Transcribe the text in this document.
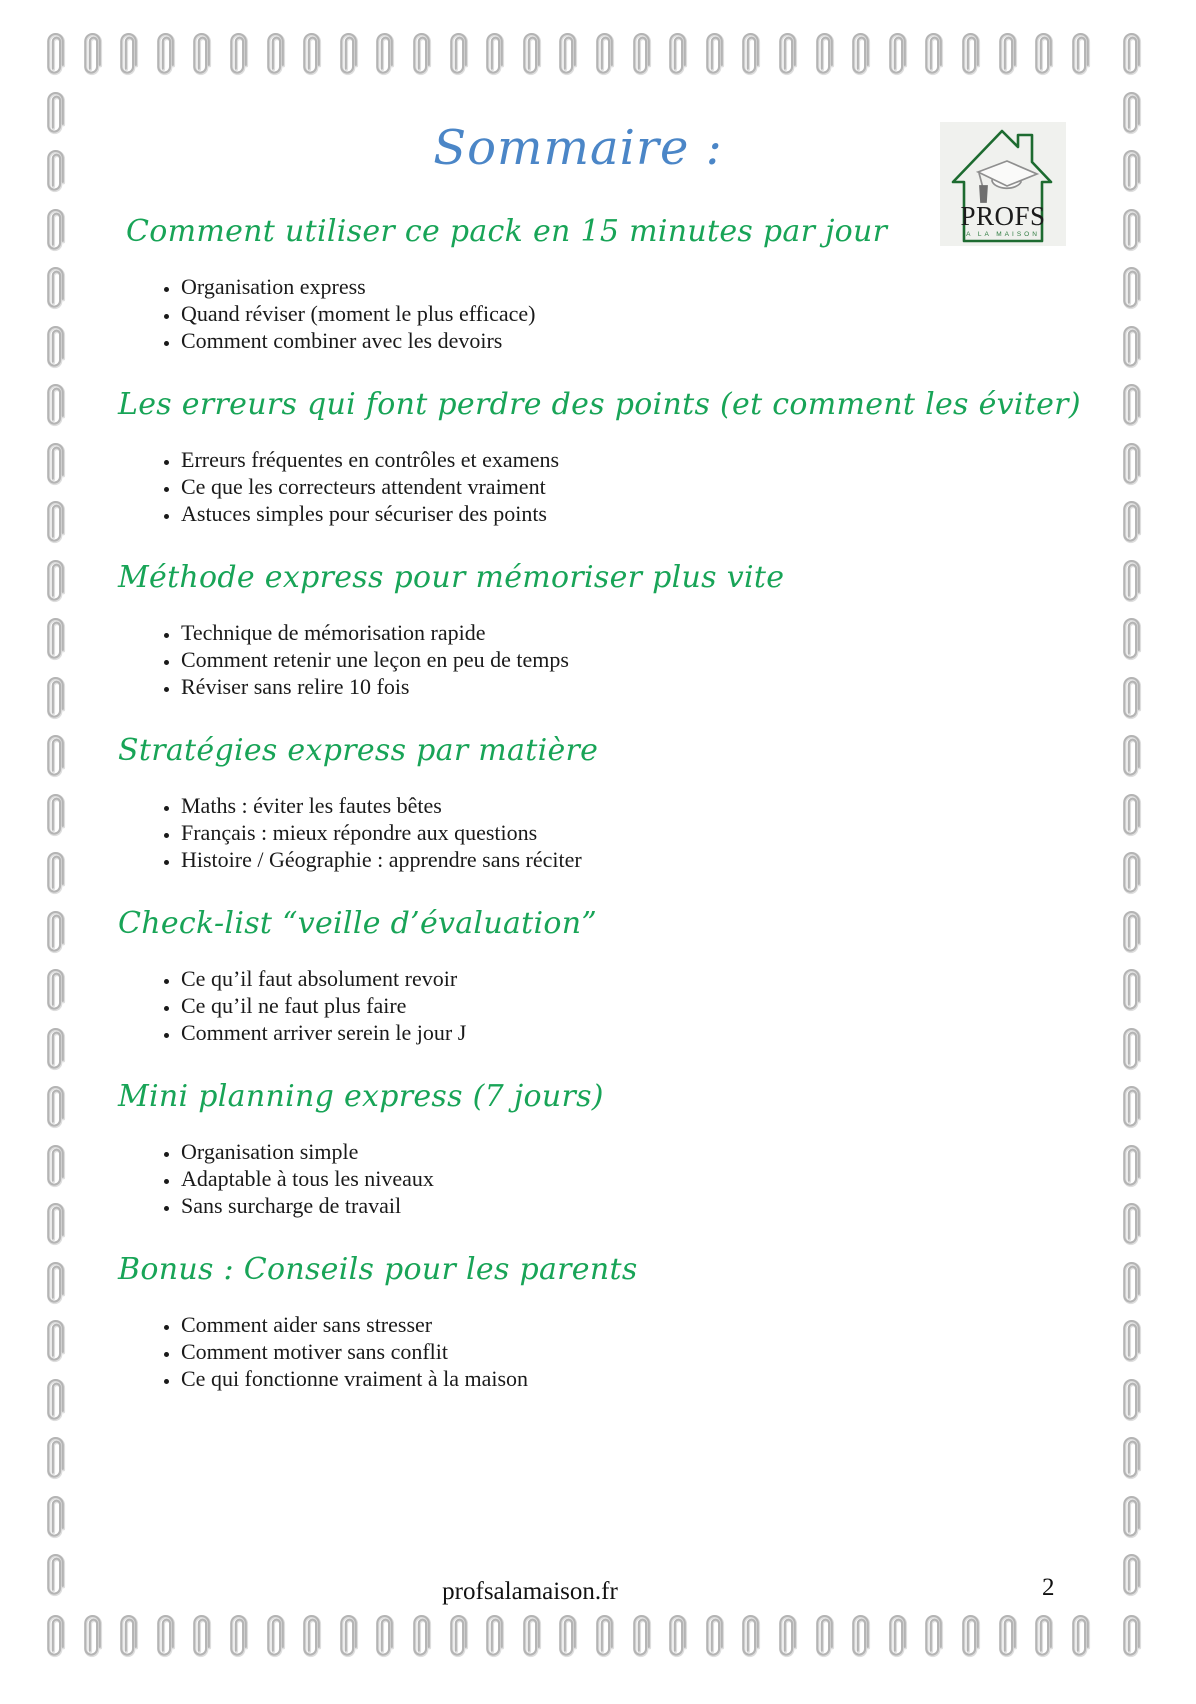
PROFS
A LA MAISON
Sommaire :
Comment utiliser ce pack en 15 minutes par jour
• Organisation express
• Quand réviser (moment le plus efficace)
• Comment combiner avec les devoirs
Les erreurs qui font perdre des points (et comment les éviter)
• Erreurs fréquentes en contrôles et examens
• Ce que les correcteurs attendent vraiment
• Astuces simples pour sécuriser des points
Méthode express pour mémoriser plus vite
• Technique de mémorisation rapide
• Comment retenir une leçon en peu de temps
• Réviser sans relire 10 fois
Stratégies express par matière
• Maths : éviter les fautes bêtes
• Français : mieux répondre aux questions
• Histoire / Géographie : apprendre sans réciter
Check-list “veille d’évaluation”
• Ce qu’il faut absolument revoir
• Ce qu’il ne faut plus faire
• Comment arriver serein le jour J
Mini planning express (7 jours)
• Organisation simple
• Adaptable à tous les niveaux
• Sans surcharge de travail
Bonus : Conseils pour les parents
• Comment aider sans stresser
• Comment motiver sans conflit
• Ce qui fonctionne vraiment à la maison
profsalamaison.fr	2
